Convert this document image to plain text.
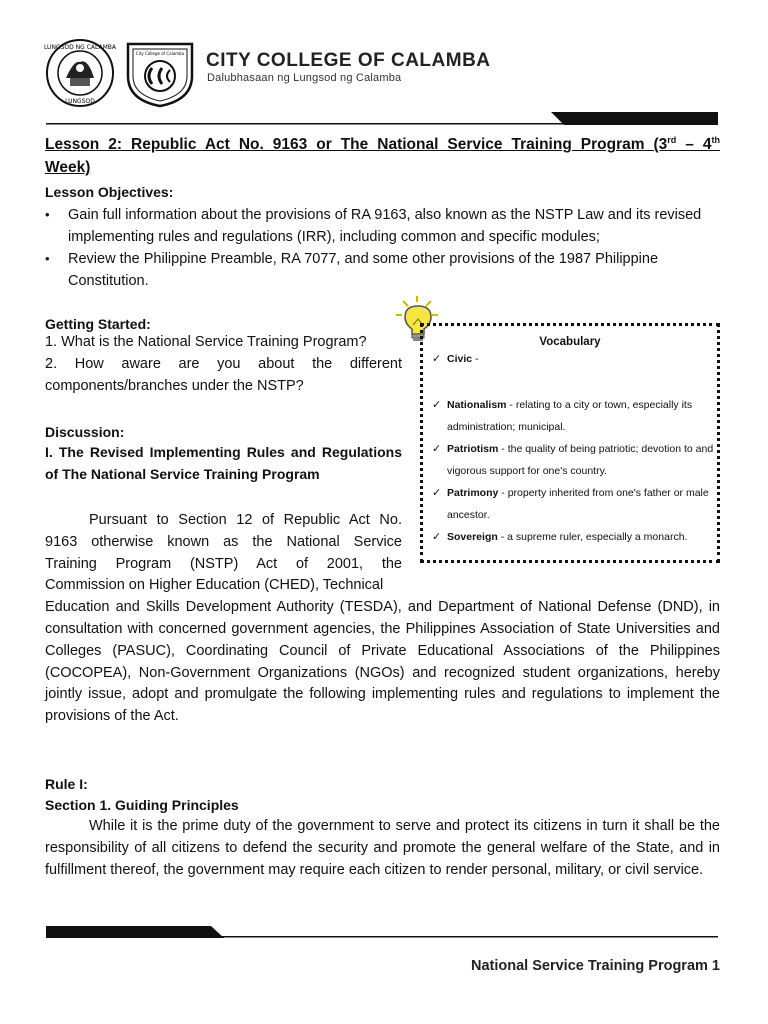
LUNGSOD NG CALAMBA
LUNGSOD
City College of Calamba CITY COLLEGE OF CALAMBA
Dalubhasaan ng Lungsod ng Calamba
Lesson 2: Republic Act No. 9163 or The National Service Training Program (3rd – 4th
Week)
Lesson Objectives:
• Gain full information about the provisions of RA 9163, also known as the NSTP Law and its revised implementing rules and regulations (IRR), including common and specific modules;
• Review the Philippine Preamble, RA 7077, and some other provisions of the 1987 Philippine Constitution.
Getting Started:
1. What is the National Service Training Program?
2. How aware are you about the different components/branches under the NSTP?
Vocabulary
✓ Civic -
✓ Nationalism - relating to a city or town, especially its administration; municipal.
✓ Patriotism - the quality of being patriotic; devotion to and vigorous support for one's country.
✓ Patrimony - property inherited from one's father or male ancestor.
✓ Sovereign - a supreme ruler, especially a monarch.
Discussion:
I. The Revised Implementing Rules and Regulations of The National Service Training Program
Pursuant to Section 12 of Republic Act No.
9163 otherwise known as the National Service
Training Program (NSTP) Act of 2001, the
Commission on Higher Education (CHED), Technical
Education and Skills Development Authority (TESDA), and Department of National Defense (DND), in consultation with concerned government agencies, the Philippines Association of State Universities and Colleges (PASUC), Coordinating Council of Private Educational Associations of the Philippines (COCOPEA), Non-Government Organizations (NGOs) and recognized student organizations, hereby jointly issue, adopt and promulgate the following implementing rules and regulations to implement the provisions of the Act.
Rule I:
Section 1. Guiding Principles
While it is the prime duty of the government to serve and protect its citizens in turn it shall be the responsibility of all citizens to defend the security and promote the general welfare of the State, and in fulfillment thereof, the government may require each citizen to render personal, military, or civil service.
National Service Training Program 1
